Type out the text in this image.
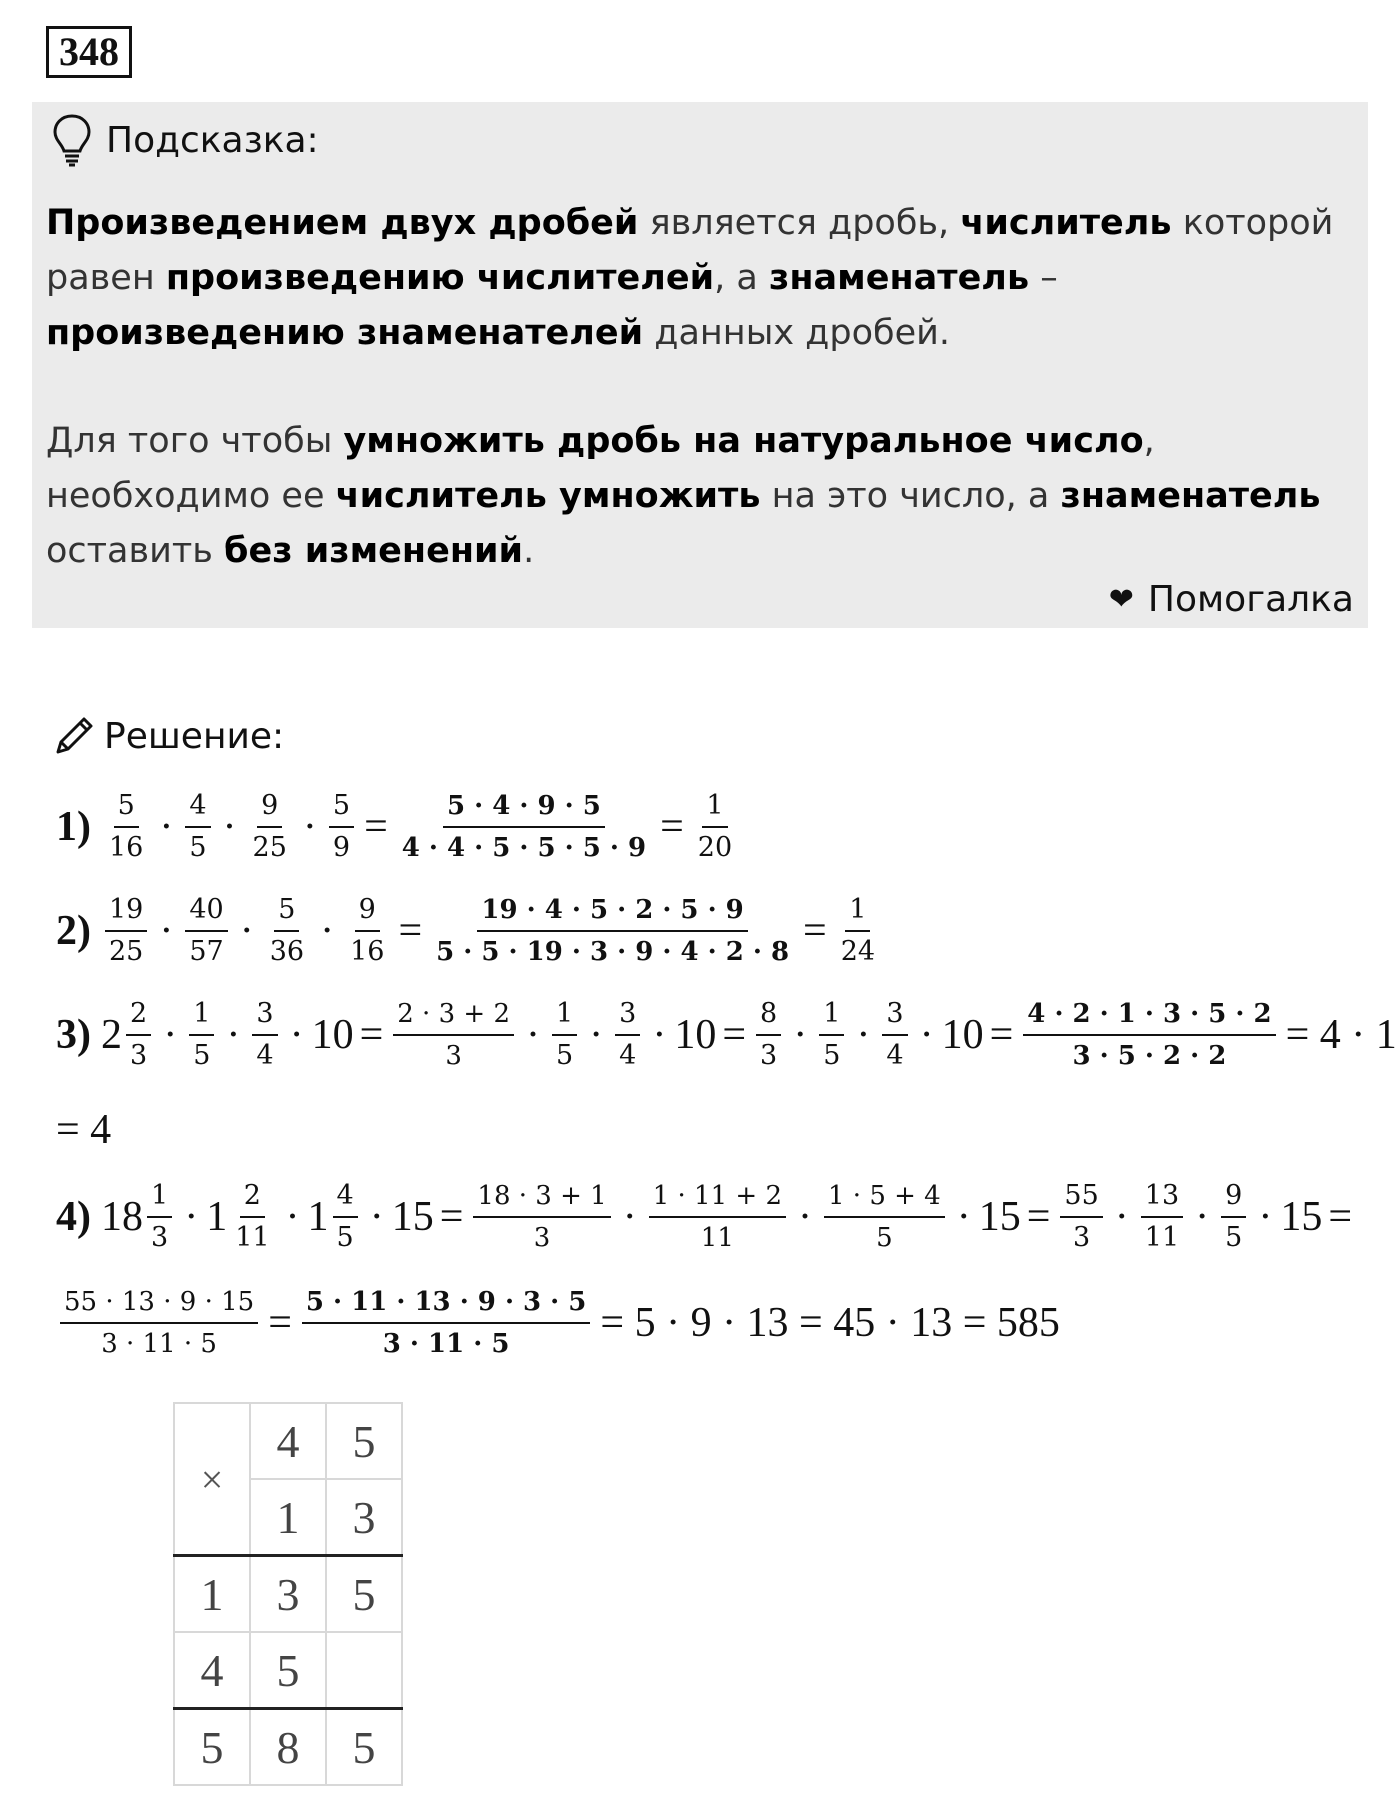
348
Подсказка:
Произведением двух дробей является дробь, числитель которой равен произведению числителей, а знаменатель – произведению знаменателей данных дробей.
Для того чтобы умножить дробь на натуральное число, необходимо ее числитель умножить на это число, а знаменатель оставить без изменений.
❤ Помогалка
Решение:
1) 5
16 · 4
5 · 9
$25 \cdot \frac{5}{9} = \frac{5 \cdot 4 \cdot 9 \cdot 5}{4 \cdot 4 \cdot 5 \cdot 5 \cdot 5 \cdot 9} = \frac{1}{20}$
2) 19
25 · 40
57 · 5
$36 \cdot \frac{9}{16} = \frac{19 \cdot 4 \cdot 5 \cdot 2 \cdot 5 \cdot 9}{5 \cdot 5 \cdot 19 \cdot 3 \cdot 9 \cdot 4 \cdot 2 \cdot 8} = \frac{1}{24}$
3) 2 2
3 · 1
5 · 3
$4 \cdot 10 = \frac{2 \cdot 3 + 2}{3} \cdot 1$
5 · 3
$4 \cdot 10 = \frac{8}{3} \cdot 1$
5 · 3
$4 \cdot 10 = \frac{4 \cdot 2 \cdot 1 \cdot 3 \cdot 5 \cdot 2}{3 \cdot 5 \cdot 2 \cdot 2} = 4 \cdot 1$
= 4
4) 18 1
3 · 1 2
11 · 1 4
$5 \cdot 15 = \frac{18 \cdot 3 + 1}{3} \cdot 1 \cdot 11 + 2$
11 · 1 · 5 + 4
$5 \cdot 15 = \frac{55}{3} \cdot 13$
11 · 9
5 · 15 =
$\frac{55 \cdot 13 \cdot 9 \cdot 15}{3 \cdot 11 \cdot 5} = \frac{5 \cdot 11 \cdot 13 \cdot 9 \cdot 3 \cdot 5}{3 \cdot 11 \cdot 5} = 5 \cdot 9 \cdot 13 = 45 \cdot 13 = 585$
×	4	5
	1	3
1	3	5
4	5	
5	8	5
